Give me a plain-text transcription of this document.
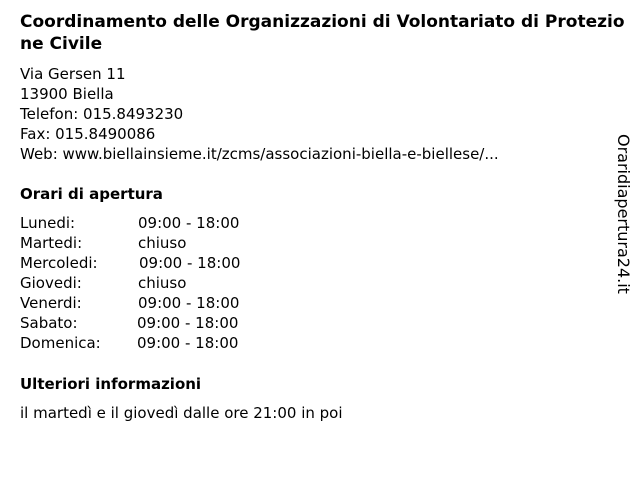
Coordinamento delle Organizzazioni di Volontariato di Protezione Civile
Via Gersen 11
13900 Biella
Telefon: 015.8493230
Fax: 015.8490086
Web: www.biellainsieme.it/zcms/associazioni-biella-e-biellese/...
Orari di apertura
Lunedi:	09:00 - 18:00
Martedi:	chiuso
Mercoledi:	09:00 - 18:00
Giovedi:	chiuso
Venerdi:	09:00 - 18:00
Sabato:	09:00 - 18:00
Domenica: 09:00 - 18:00
Ulteriori informazioni
il martedì e il giovedì dalle ore 21:00 in poi
Oraridiapertura24.it
